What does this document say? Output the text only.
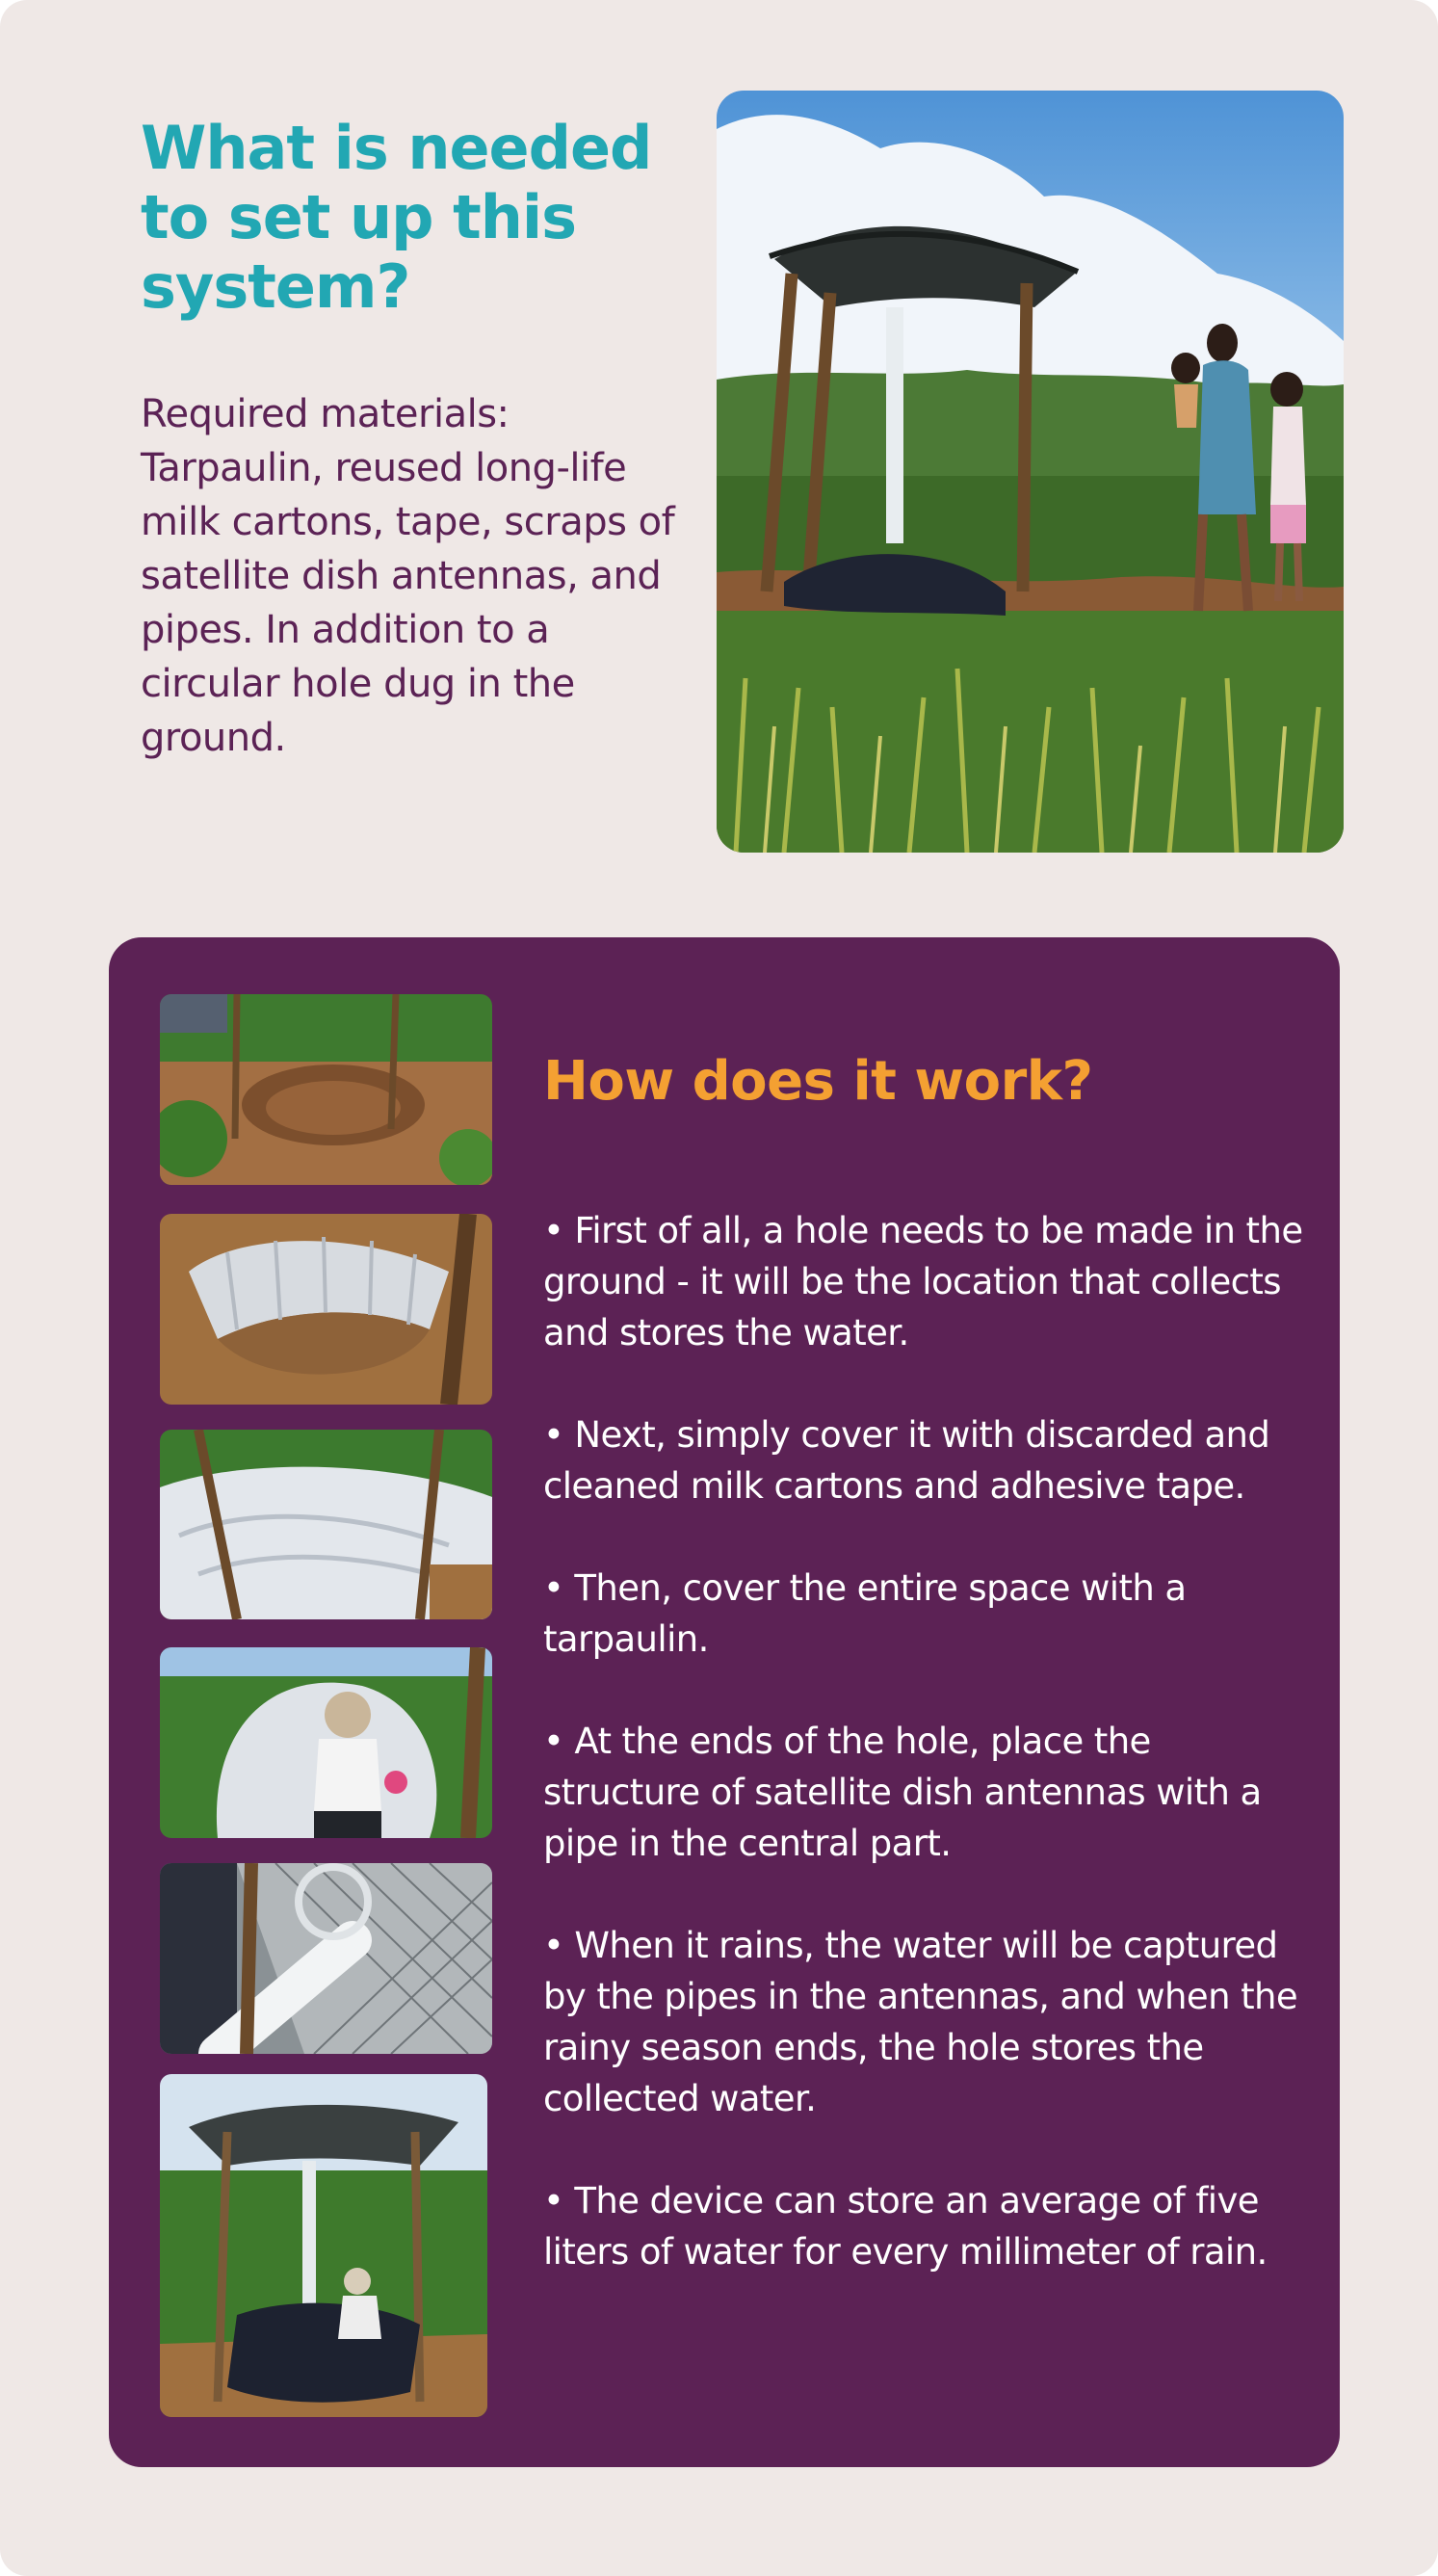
What is needed to set up this system?

Required materials: Tarpaulin, reused long-life milk cartons, tape, scraps of satellite dish antennas, and pipes. In addition to a circular hole dug in the ground.

How does it work?
• First of all, a hole needs to be made in the ground - it will be the location that collects and stores the water.
• Next, simply cover it with discarded and cleaned milk cartons and adhesive tape.
• Then, cover the entire space with a tarpaulin.
• At the ends of the hole, place the structure of satellite dish antennas with a pipe in the central part.
• When it rains, the water will be captured by the pipes in the antennas, and when the rainy season ends, the hole stores the collected water.
• The device can store an average of five liters of water for every millimeter of rain.
